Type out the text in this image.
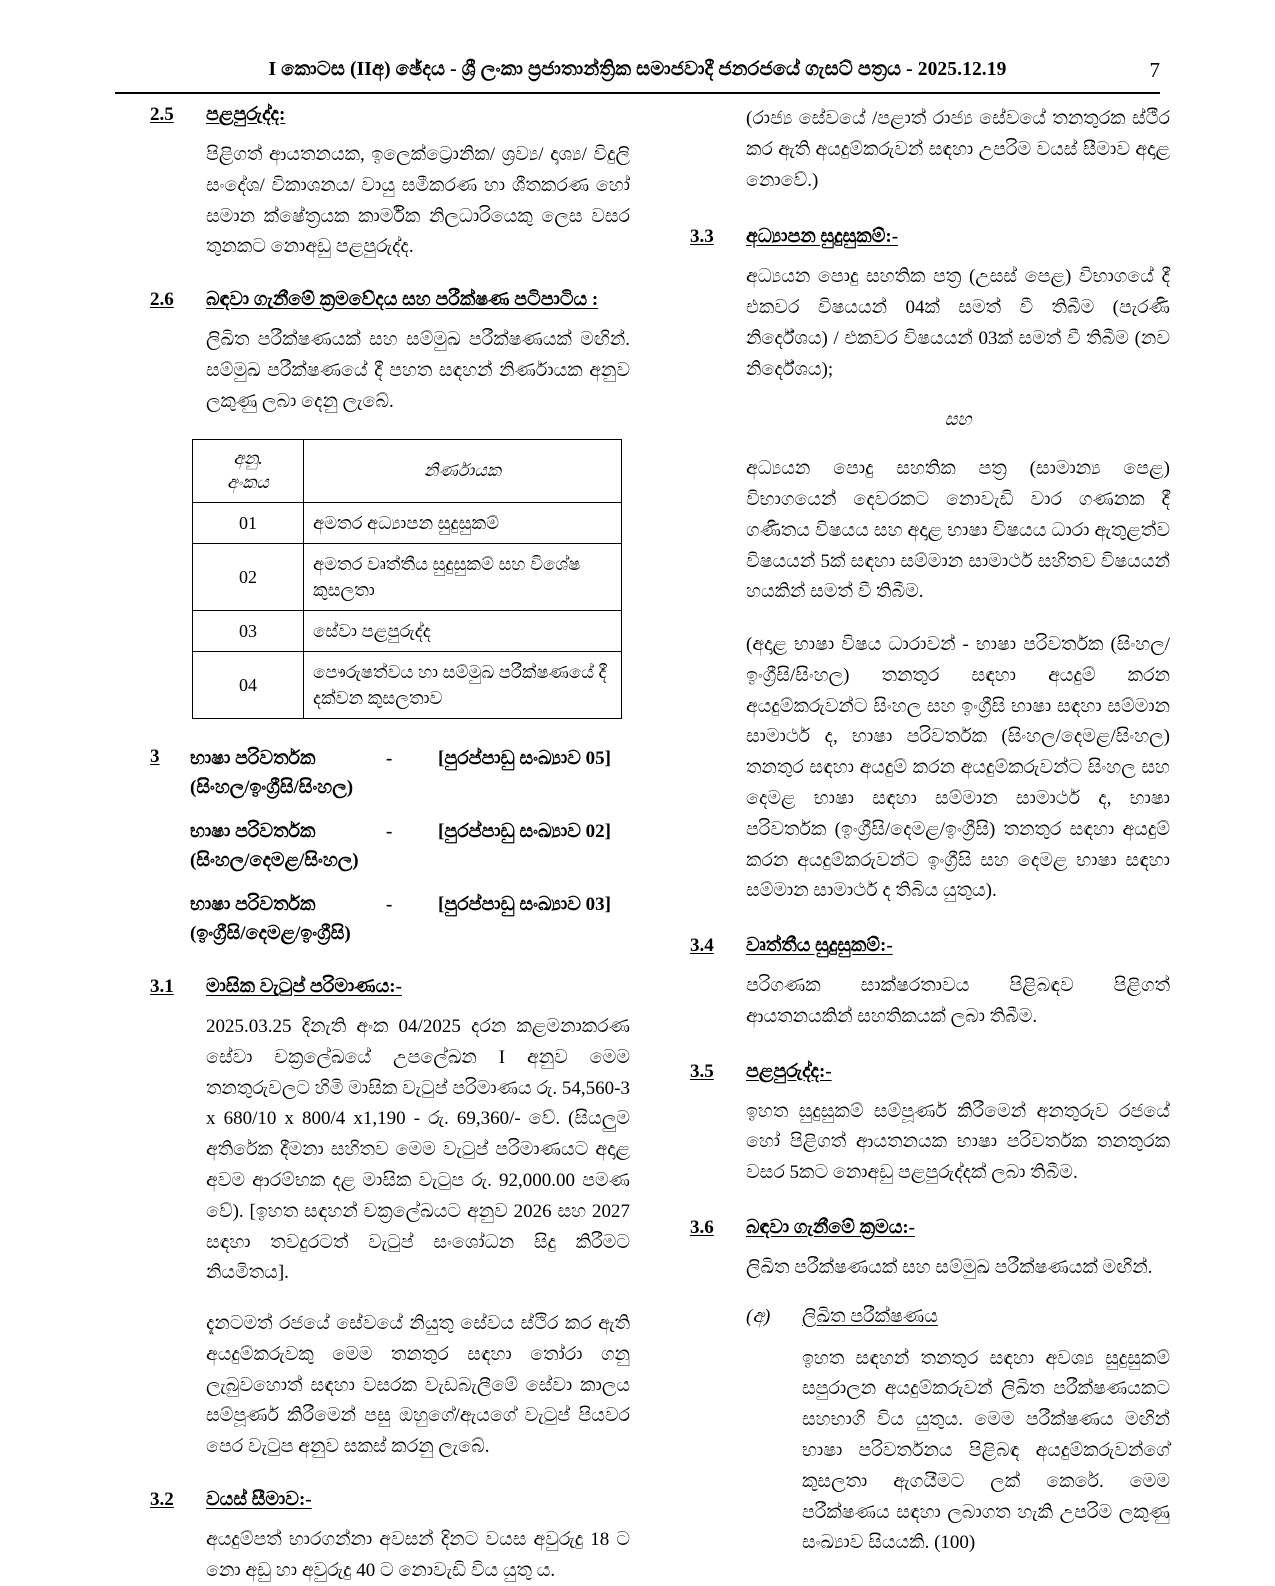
I කොටස (IIඅ) ඡේදය - ශ්‍රී ලංකා ප්‍රජාතාන්ත්‍රික සමාජවාදී ජනරජයේ ගැසට් පත්‍රය - 2025.12.19	7
2.5	පළපුරුද්ද:
පිළිගත් ආයතනයක, ඉලෙක්ට්‍රොනික/ ශ්‍රව්‍ය/ දෘශ්‍ය/ විදුලි සංදේශ/ විකාශනය/ වායු සමීකරණ හා ශීතකරණ හෝ සමාන ක්ෂේත්‍රයක කාර්මික නිලධාරියෙකු ලෙස වසර තුනකට නොඅඩු පළපුරුද්ද.
2.6	බඳවා ගැනීමේ ක්‍රමවේදය සහ පරීක්ෂණ පටිපාටිය :
ලිඛිත පරීක්ෂණයක් සහ සම්මුඛ පරීක්ෂණයක් මඟින්. සම්මුඛ පරීක්ෂණයේ දී පහත සඳහන් නිර්ණායක අනුව ලකුණු ලබා දෙනු ලැබේ.
අනු.
අංකය	නිර්ණායක
01	අමතර අධ්‍යාපන සුදුසුකම්
02	අමතර වෘත්තීය සුදුසුකම් සහ විශේෂ කුසලතා
03	සේවා පළපුරුද්ද
04	පෞරුෂත්වය හා සම්මුඛ පරීක්ෂණයේ දී දක්වන කුසලතාව
3	භාෂා පරිවර්තක	-	[පුරප්පාඩු සංඛ්‍යාව 05]
(සිංහල/ඉංග්‍රීසි/සිංහල)
භාෂා පරිවර්තක	-	[පුරප්පාඩු සංඛ්‍යාව 02]
(සිංහල/දෙමළ/සිංහල)
භාෂා පරිවර්තක	-	[පුරප්පාඩු සංඛ්‍යාව 03]
(ඉංග්‍රීසි/දෙමළ/ඉංග්‍රීසි)
3.1	මාසික වැටුප් පරිමාණය:-
2025.03.25 දිනැති අංක 04/2025 දරන කළමනාකරණ සේවා චක්‍රලේඛයේ උපලේඛන I අනුව මෙම තනතුරුවලට හිමි මාසික වැටුප් පරිමාණය රු. 54,560-3 x 680/10 x 800/4 x1,190 - රු. 69,360/- වේ. (සියලුම අතිරේක දීමනා සහිතව මෙම වැටුප් පරිමාණයට අදාළ අවම ආරම්භක දළ මාසික වැටුප රු. 92,000.00 පමණ වේ). [ඉහත සඳහන් චක්‍රලේඛයට අනුව 2026 සහ 2027 සඳහා තවදුරටත් වැටුප් සංශෝධන සිදු කිරීමට නියමිතය].
දැනටමත් රජයේ සේවයේ නියුතු සේවය ස්ථිර කර ඇති අයදුම්කරුවකු මෙම තනතුර සඳහා තෝරා ගනු ලැබුවහොත් සඳහා වසරක වැඩබැලීමේ සේවා කාලය සම්පූර්ණ කිරීමෙන් පසු ඔහුගේ/ඇයගේ වැටුප් පියවර පෙර වැටුප අනුව සකස් කරනු ලැබේ.
3.2	වයස් සීමාව:-
අයදුම්පත් භාරගන්නා අවසන් දිනට වයස අවුරුදු 18 ට නො අඩු හා අවුරුදු 40 ට නොවැඩි විය යුතු ය.
(රාජ්‍ය සේවයේ /පළාත් රාජ්‍ය සේවයේ තනතුරක ස්ථීර කර ඇති අයදුම්කරුවන් සඳහා උපරිම වයස් සීමාව අදාළ නොවේ.)
3.3	අධ්‍යාපන සුදුසුකම්:-
අධ්‍යයන පොදු සහතික පත්‍ර (උසස් පෙළ) විභාගයේ දී එකවර විෂයයන් 04ක් සමත් වී තිබීම (පැරණි නිර්දේශය) / එකවර විෂයයන් 03ක් සමත් වී තිබීම (නව නිර්දේශය);
සහ
අධ්‍යයන පොදු සහතික පත්‍ර (සාමාන්‍ය පෙළ) විභාගයෙන් දෙවරකට නොවැඩි වාර ගණනක දී ගණිතය විෂයය සහ අදාළ භාෂා විෂයය ධාරා ඇතුළත්ව විෂයයන් 5ක් සඳහා සම්මාන සාමාර්ථ සහිතව විෂයයන් හයකින් සමත් වී තිබීම.
(අදාළ භාෂා විෂය ධාරාවන් - භාෂා පරිවර්තක (සිංහල/ඉංග්‍රීසි/සිංහල) තනතුර සඳහා අයදුම් කරන අයදුම්කරුවන්ට සිංහල සහ ඉංග්‍රීසි භාෂා සඳහා සම්මාන සාමාර්ථ ද, භාෂා පරිවර්තක (සිංහල/දෙමළ/සිංහල) තනතුර සඳහා අයදුම් කරන අයදුම්කරුවන්ට සිංහල සහ දෙමළ භාෂා සඳහා සම්මාන සාමාර්ථ ද, භාෂා පරිවර්තක (ඉංග්‍රීසි/දෙමළ/ඉංග්‍රීසි) තනතුර සඳහා අයදුම් කරන අයදුම්කරුවන්ට ඉංග්‍රීසි සහ දෙමළ භාෂා සඳහා සම්මාන සාමාර්ථ ද තිබිය යුතුය).
3.4	වෘත්තීය සුදුසුකම්:-
පරිගණක සාක්ෂරතාවය පිළිබඳව පිළිගත් ආයතනයකින් සහතිකයක් ලබා තිබීම.
3.5	පළපුරුද්ද:-
ඉහත සුදුසුකම් සම්පූර්ණ කිරීමෙන් අනතුරුව රජයේ හෝ පිළිගත් ආයතනයක භාෂා පරිවර්තක තනතුරක වසර 5කට නොඅඩු පළපුරුද්දක් ලබා තිබීම.
3.6	බඳවා ගැනීමේ ක්‍රමය:-
ලිඛිත පරීක්ෂණයක් සහ සම්මුඛ පරීක්ෂණයක් මඟින්.
(අ)	ලිඛිත පරීක්ෂණය
ඉහත සඳහන් තනතුර සඳහා අවශ්‍ය සුදුසුකම් සපුරාලන අයදුම්කරුවන් ලිඛිත පරීක්ෂණයකට සහභාගි විය යුතුය. මෙම පරීක්ෂණය මඟින් භාෂා පරිවර්තනය පිළිබඳ අයදුම්කරුවන්ගේ කුසලතා ඇගයීමට ලක් කෙරේ. මෙම පරීක්ෂණය සඳහා ලබාගත හැකි උපරිම ලකුණු සංඛ්‍යාව සියයකි. (100)
